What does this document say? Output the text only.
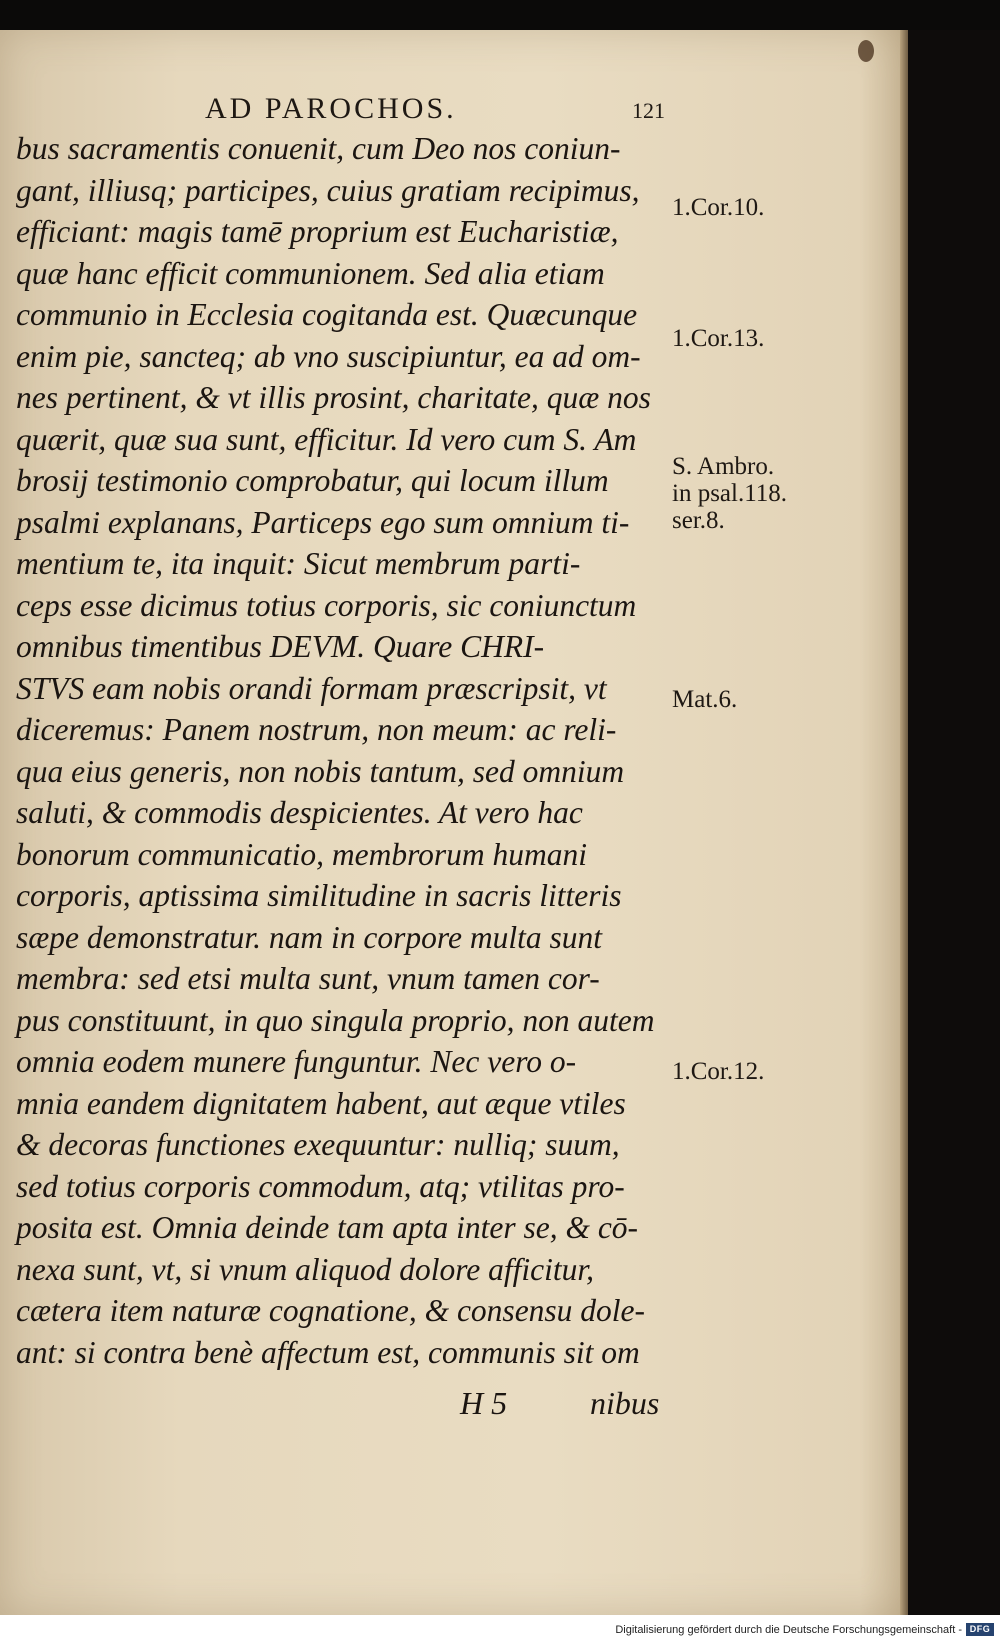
AD PAROCHOS.	121
bus sacramentis conuenit, cum Deo nos coniun-
gant, illiusq; participes, cuius gratiam recipimus,
efficiant: magis tamē proprium est Eucharistiæ,
quæ hanc efficit communionem. Sed alia etiam
communio in Ecclesia cogitanda est. Quæcunque
enim pie, sancteq; ab vno suscipiuntur, ea ad om-
nes pertinent, & vt illis prosint, charitate, quæ nos
quærit, quæ sua sunt, efficitur. Id vero cum S. Am
brosij testimonio comprobatur, qui locum illum
psalmi explanans, Particeps ego sum omnium ti-
mentium te, ita inquit: Sicut membrum parti-
ceps esse dicimus totius corporis, sic coniunctum
omnibus timentibus DEVM. Quare CHRI-
STVS eam nobis orandi formam præscripsit, vt
diceremus: Panem nostrum, non meum: ac reli-
qua eius generis, non nobis tantum, sed omnium
saluti, & commodis despicientes. At vero hac
bonorum communicatio, membrorum humani
corporis, aptissima similitudine in sacris litteris
sæpe demonstratur. nam in corpore multa sunt
membra: sed etsi multa sunt, vnum tamen cor-
pus constituunt, in quo singula proprio, non autem
omnia eodem munere funguntur. Nec vero o-
mnia eandem dignitatem habent, aut æque vtiles
& decoras functiones exequuntur: nulliq; suum,
sed totius corporis commodum, atq; vtilitas pro-
posita est. Omnia deinde tam apta inter se, & cō-
nexa sunt, vt, si vnum aliquod dolore afficitur,
cætera item naturæ cognatione, & consensu dole-
ant: si contra benè affectum est, communis sit om
H 5	nibus
1.Cor.10.
1.Cor.13.
S. Ambro.
in psal.118.
ser.8.
Mat.6.
1.Cor.12.
Digitalisierung gefördert durch die Deutsche Forschungsgemeinschaft - DFG
